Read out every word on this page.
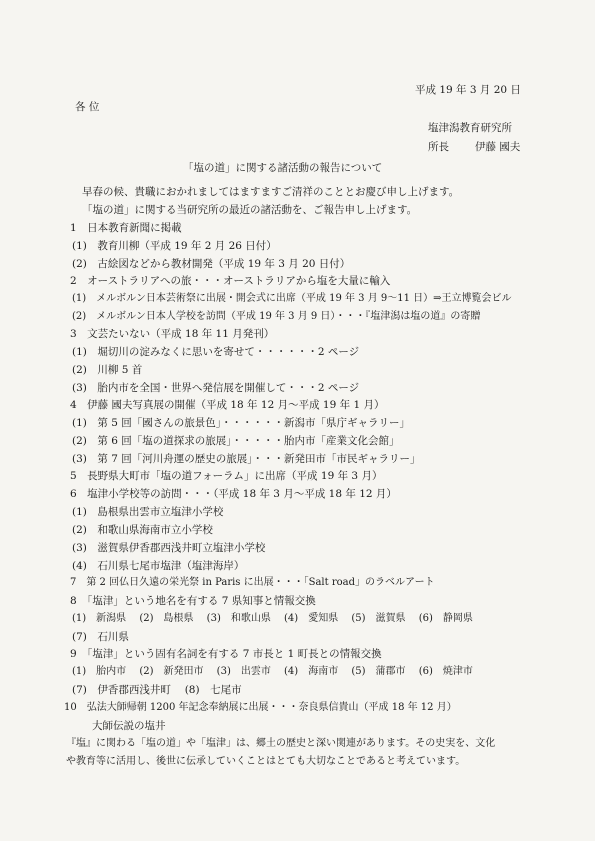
平成 19 年 3 月 20 日
各 位
塩津潟教育研究所
所長 伊藤 國夫
「塩の道」に関する諸活動の報告について
早春の候、貴職におかれましてはますますご清祥のこととお慶び申し上げます。
「塩の道」に関する当研究所の最近の諸活動を、ご報告申し上げます。
1　日本教育新聞に掲載
(1)　教育川柳（平成 19 年 2 月 26 日付）
(2)　古絵図などから教材開発（平成 19 年 3 月 20 日付）
2　オーストラリアへの旅・・・オーストラリアから塩を大量に輸入
(1)　メルボルン日本芸術祭に出展・開会式に出席（平成 19 年 3 月 9〜11 日）⇒王立博覧会ビル
(2)　メルボルン日本人学校を訪問（平成 19 年 3 月 9 日）・・・『塩津潟は塩の道』の寄贈
3　文芸たいない（平成 18 年 11 月発刊）
(1)　堀切川の淀みなくに思いを寄せて・・・・・・2 ページ
(2)　川柳 5 首
(3)　胎内市を全国・世界へ発信展を開催して・・・2 ページ
4　伊藤 國夫写真展の開催（平成 18 年 12 月〜平成 19 年 1 月）
(1)　第 5 回「國さんの旅景色」・・・・・・新潟市「県庁ギャラリー」
(2)　第 6 回「塩の道探求の旅展」・・・・・胎内市「産業文化会館」
(3)　第 7 回「河川舟運の歴史の旅展」・・・新発田市「市民ギャラリー」
5　長野県大町市「塩の道フォーラム」に出席（平成 19 年 3 月）
6　塩津小学校等の訪問・・・（平成 18 年 3 月〜平成 18 年 12 月）
(1)　島根県出雲市立塩津小学校
(2)　和歌山県海南市立小学校
(3)　滋賀県伊香郡西浅井町立塩津小学校
(4)　石川県七尾市塩津（塩津海岸）
7　第 2 回仏日久遠の栄光祭 in Paris に出展・・・「Salt road」のラベルアート
8　「塩津」という地名を有する 7 県知事と情報交換
(1)　新潟県　 (2)　島根県　 (3)　和歌山県　 (4)　愛知県　 (5)　滋賀県　 (6)　静岡県
(7)　石川県
9　「塩津」という固有名詞を有する 7 市長と 1 町長との情報交換
(1)　胎内市　 (2)　新発田市　 (3)　出雲市　 (4)　海南市　 (5)　蒲郡市　 (6)　焼津市
(7)　伊香郡西浅井町　 (8)　七尾市
10　弘法大師帰朝 1200 年記念奉納展に出展・・・奈良県信貴山（平成 18 年 12 月）
大師伝説の塩井
『塩』に関わる「塩の道」や「塩津」は、郷土の歴史と深い関連があります。その史実を、文化
や教育等に活用し、後世に伝承していくことはとても大切なことであると考えています。
